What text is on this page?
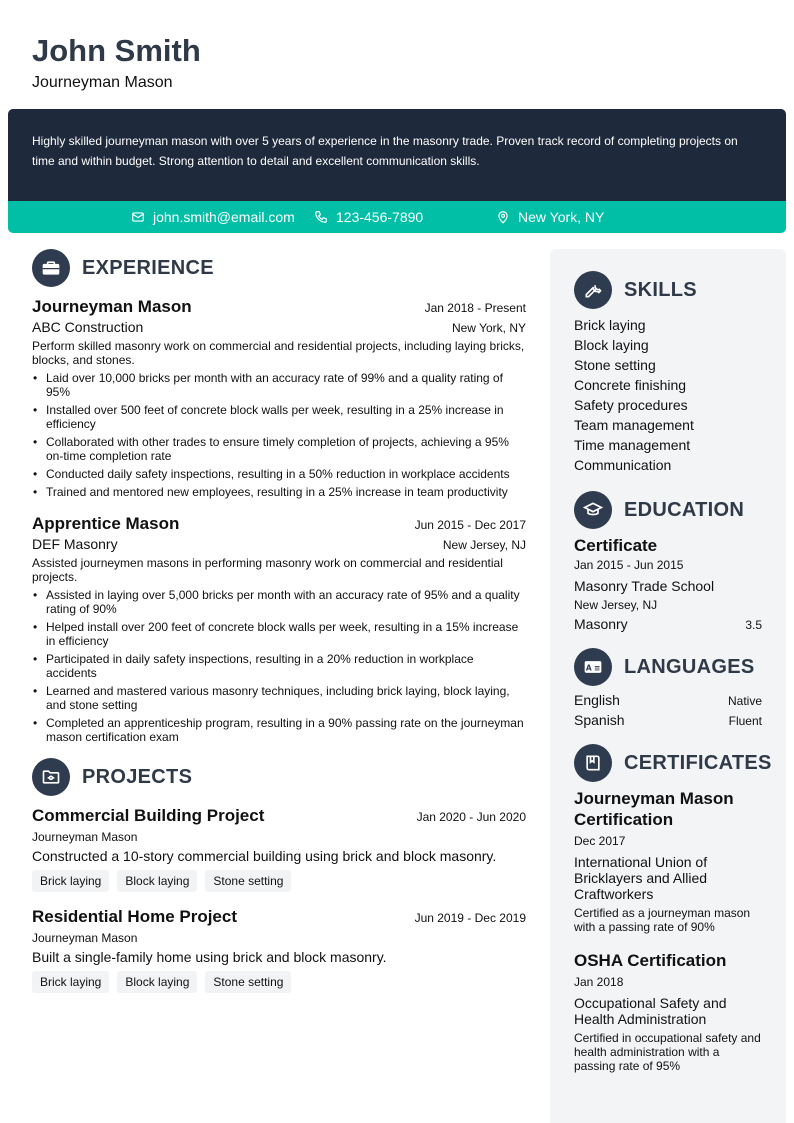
John Smith
Journeyman Mason
Highly skilled journeyman mason with over 5 years of experience in the masonry trade. Proven track record of completing projects on time and within budget. Strong attention to detail and excellent communication skills.
john.smith@email.com	123-456-7890	New York, NY
EXPERIENCE
Journeyman Mason	Jan 2018 - Present
ABC Construction	New York, NY
Perform skilled masonry work on commercial and residential projects, including laying bricks, blocks, and stones.
• Laid over 10,000 bricks per month with an accuracy rate of 99% and a quality rating of 95%
• Installed over 500 feet of concrete block walls per week, resulting in a 25% increase in efficiency
• Collaborated with other trades to ensure timely completion of projects, achieving a 95% on-time completion rate
• Conducted daily safety inspections, resulting in a 50% reduction in workplace accidents
• Trained and mentored new employees, resulting in a 25% increase in team productivity
Apprentice Mason	Jun 2015 - Dec 2017
DEF Masonry	New Jersey, NJ
Assisted journeymen masons in performing masonry work on commercial and residential projects.
• Assisted in laying over 5,000 bricks per month with an accuracy rate of 95% and a quality rating of 90%
• Helped install over 200 feet of concrete block walls per week, resulting in a 15% increase in efficiency
• Participated in daily safety inspections, resulting in a 20% reduction in workplace accidents
• Learned and mastered various masonry techniques, including brick laying, block laying, and stone setting
• Completed an apprenticeship program, resulting in a 90% passing rate on the journeyman mason certification exam
PROJECTS
Commercial Building Project	Jan 2020 - Jun 2020
Journeyman Mason
Constructed a 10-story commercial building using brick and block masonry.
Brick laying	Block laying	Stone setting
Residential Home Project	Jun 2019 - Dec 2019
Journeyman Mason
Built a single-family home using brick and block masonry.
Brick laying	Block laying	Stone setting
SKILLS
Brick laying
Block laying
Stone setting
Concrete finishing
Safety procedures
Team management
Time management
Communication
EDUCATION
Certificate
Jan 2015 - Jun 2015
Masonry Trade School
New Jersey, NJ
Masonry	3.5
A ≡ LANGUAGES
English	Native
Spanish	Fluent
CERTIFICATES
Journeyman Mason Certification
Dec 2017
International Union of Bricklayers and Allied Craftworkers
Certified as a journeyman mason with a passing rate of 90%
OSHA Certification
Jan 2018
Occupational Safety and Health Administration
Certified in occupational safety and health administration with a passing rate of 95%
